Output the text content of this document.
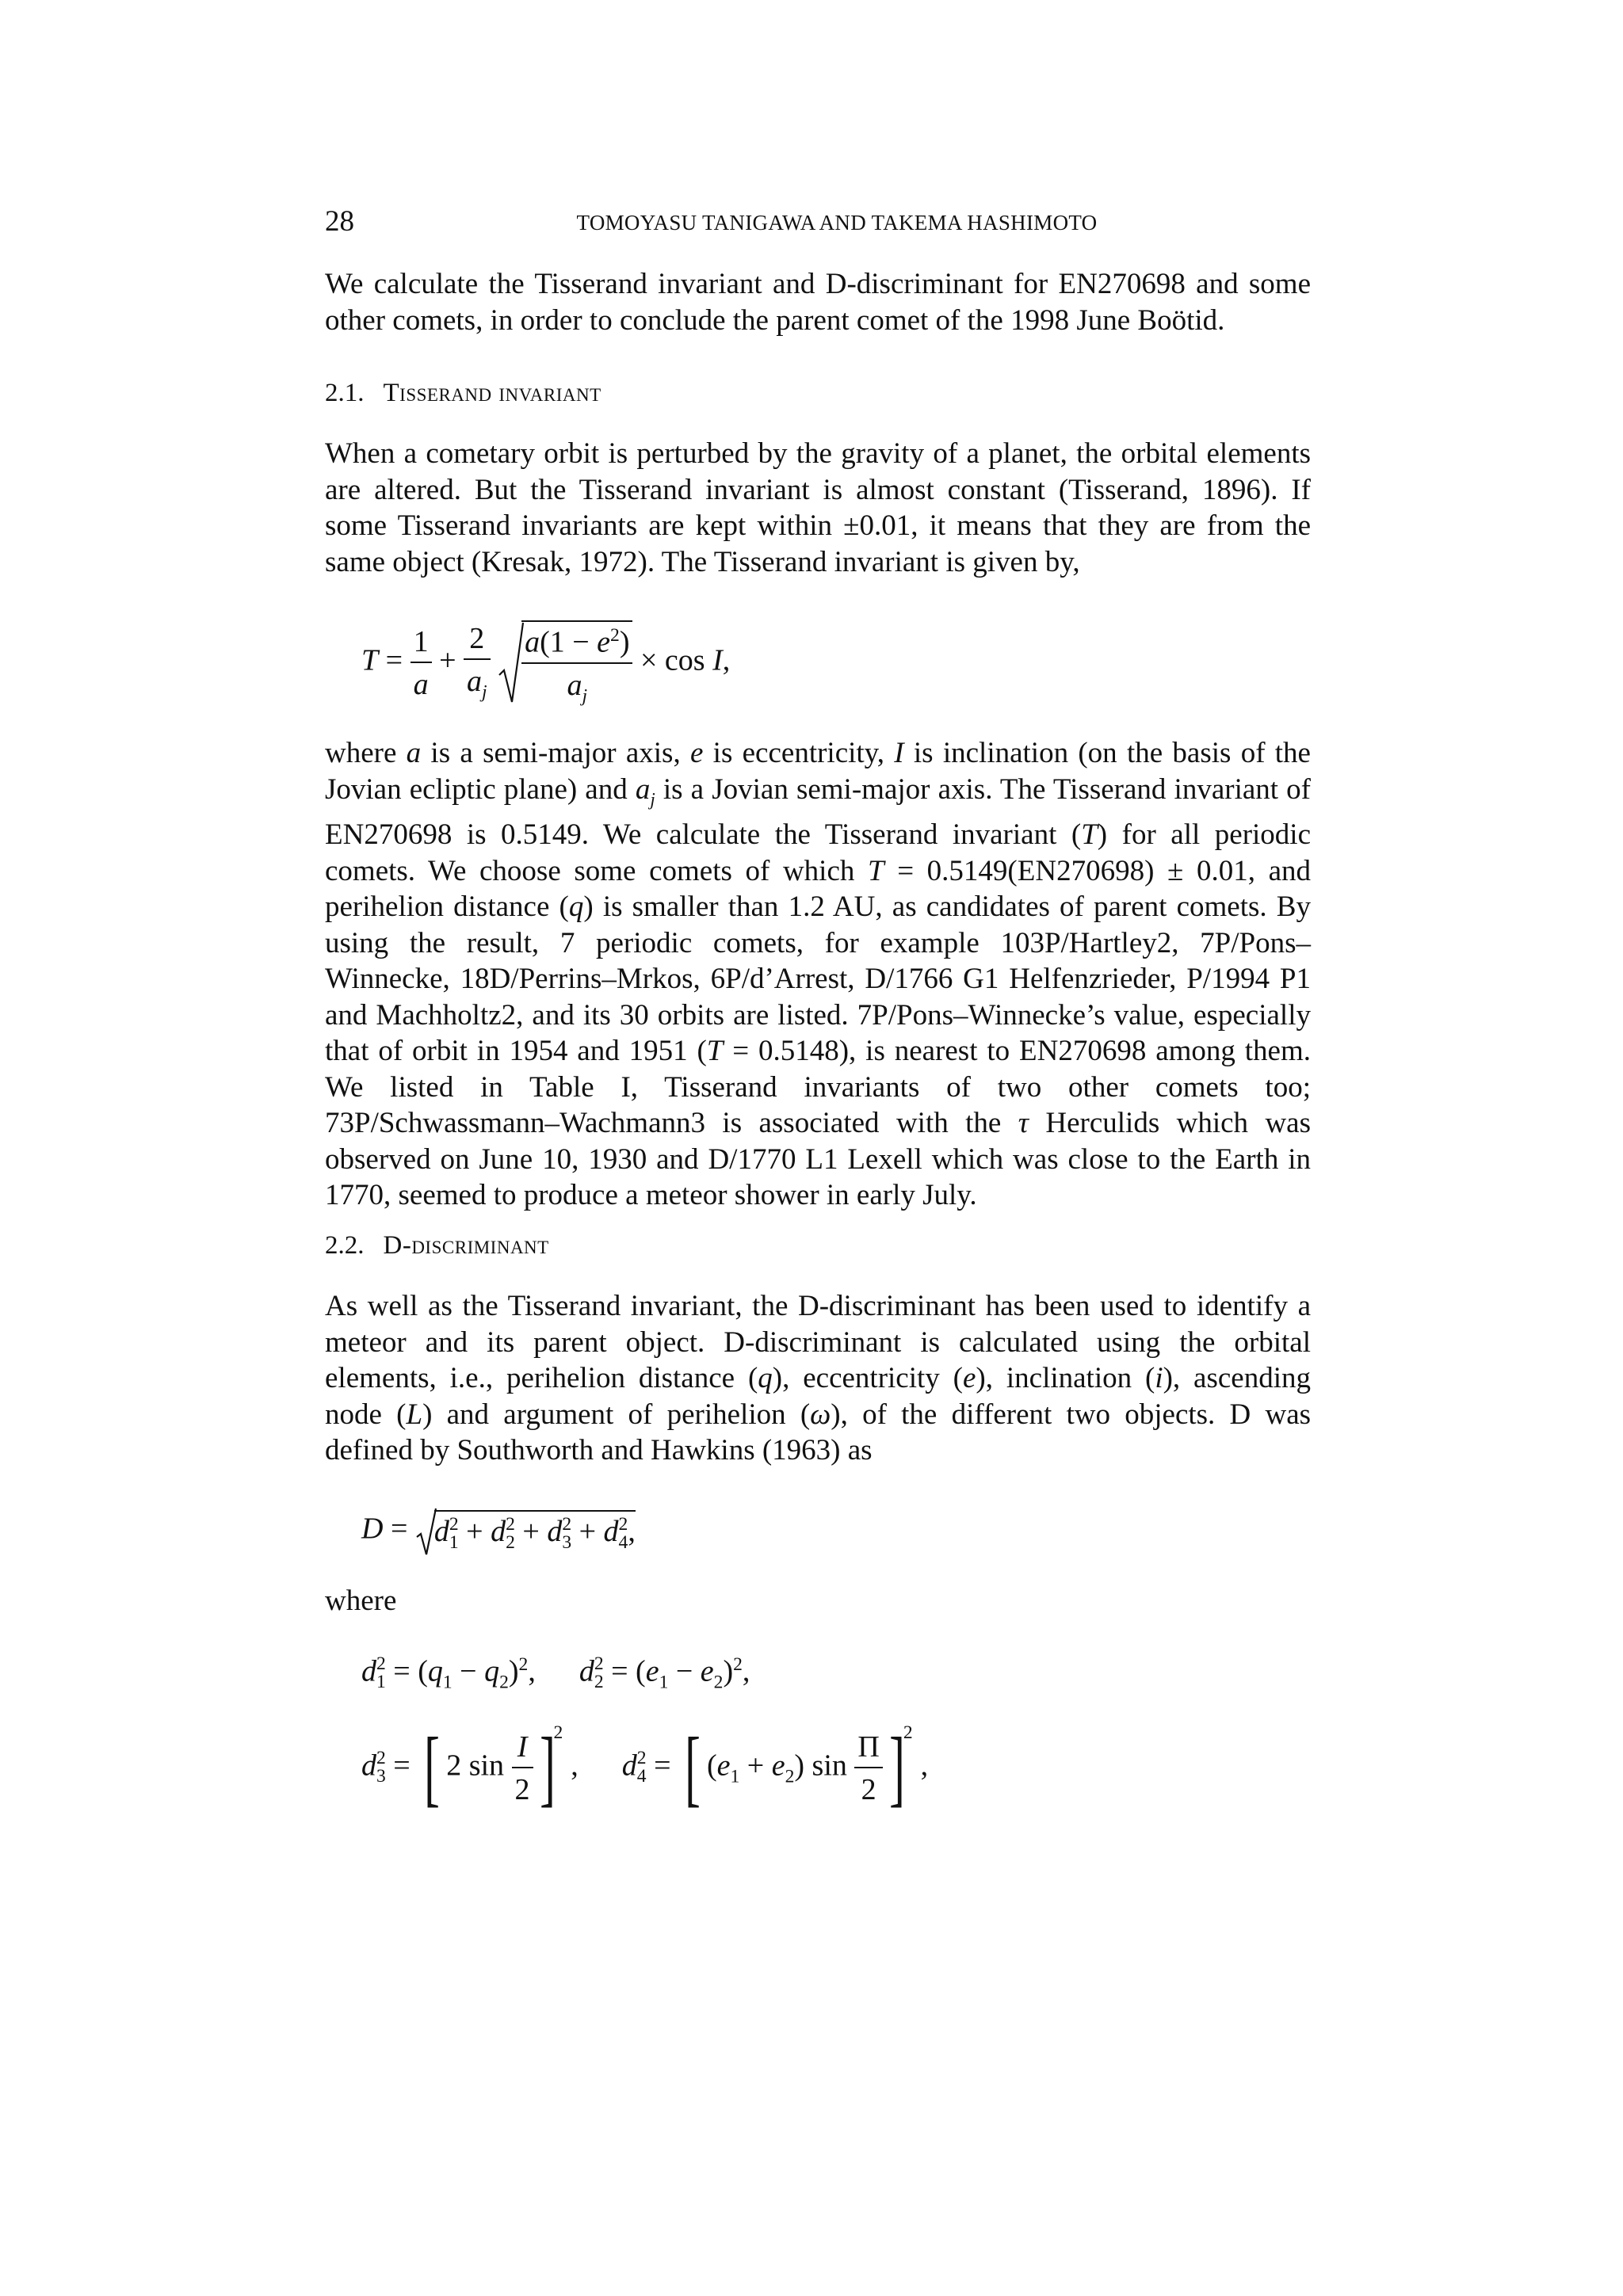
28	TOMOYASU TANIGAWA AND TAKEMA HASHIMOTO

We calculate the Tisserand invariant and D-discriminant for EN270698 and some other comets, in order to conclude the parent comet of the 1998 June Boötid.

2.1. Tisserand invariant

When a cometary orbit is perturbed by the gravity of a planet, the orbital elements are altered. But the Tisserand invariant is almost constant (Tisserand, 1896). If some Tisserand invariants are kept within ±0.01, it means that they are from the same object (Kresak, 1972). The Tisserand invariant is given by,

$T = \frac{1}{a} + \frac{2}{a_j}$
$\frac{a(1 - e^2)}{a_j} \times \cos I$,

where a is a semi-major axis, e is eccentricity, I is inclination (on the basis of the Jovian ecliptic plane) and $a_j$ is a Jovian semi-major axis. The Tisserand invariant of EN270698 is 0.5149. We calculate the Tisserand invariant (T) for all periodic comets. We choose some comets of which T = 0.5149(EN270698) ± 0.01, and perihelion distance (q) is smaller than 1.2 AU, as candidates of parent comets. By using the result, 7 periodic comets, for example 103P/Hartley2, 7P/Pons–Winnecke, 18D/Perrins–Mrkos, 6P/d’Arrest, D/1766 G1 Helfenzrieder, P/1994 P1 and Machholtz2, and its 30 orbits are listed. 7P/Pons–Winnecke’s value, especially that of orbit in 1954 and 1951 (T = 0.5148), is nearest to EN270698 among them. We listed in Table I, Tisserand invariants of two other comets too; 73P/Schwassmann–Wachmann3 is associated with the τ Herculids which was observed on June 10, 1930 and D/1770 L1 Lexell which was close to the Earth in 1770, seemed to produce a meteor shower in early July.

2.2. D-discriminant

As well as the Tisserand invariant, the D-discriminant has been used to identify a meteor and its parent object. D-discriminant is calculated using the orbital elements, i.e., perihelion distance (q), eccentricity (e), inclination (i), ascending node (L) and argument of perihelion (ω), of the different two objects. D was defined by Southworth and Hawkins (1963) as

D = d $_{2 1}$ + d $_{2 2}$ + d $_{2 3}$ + d $_{2 4}$,
where
d $_{2 1} = (q_1 - q_2)^2$,  d $_{2 2} = (e_1 - e_2)^2$,
d $_{2 3}$ = [ 2 $\sin \frac{I}{2} ]^2$,  d $_{2 4}$ = [ $(e_1 + e_2)$ $\sin \frac{\Pi}{2} ]^2$,
